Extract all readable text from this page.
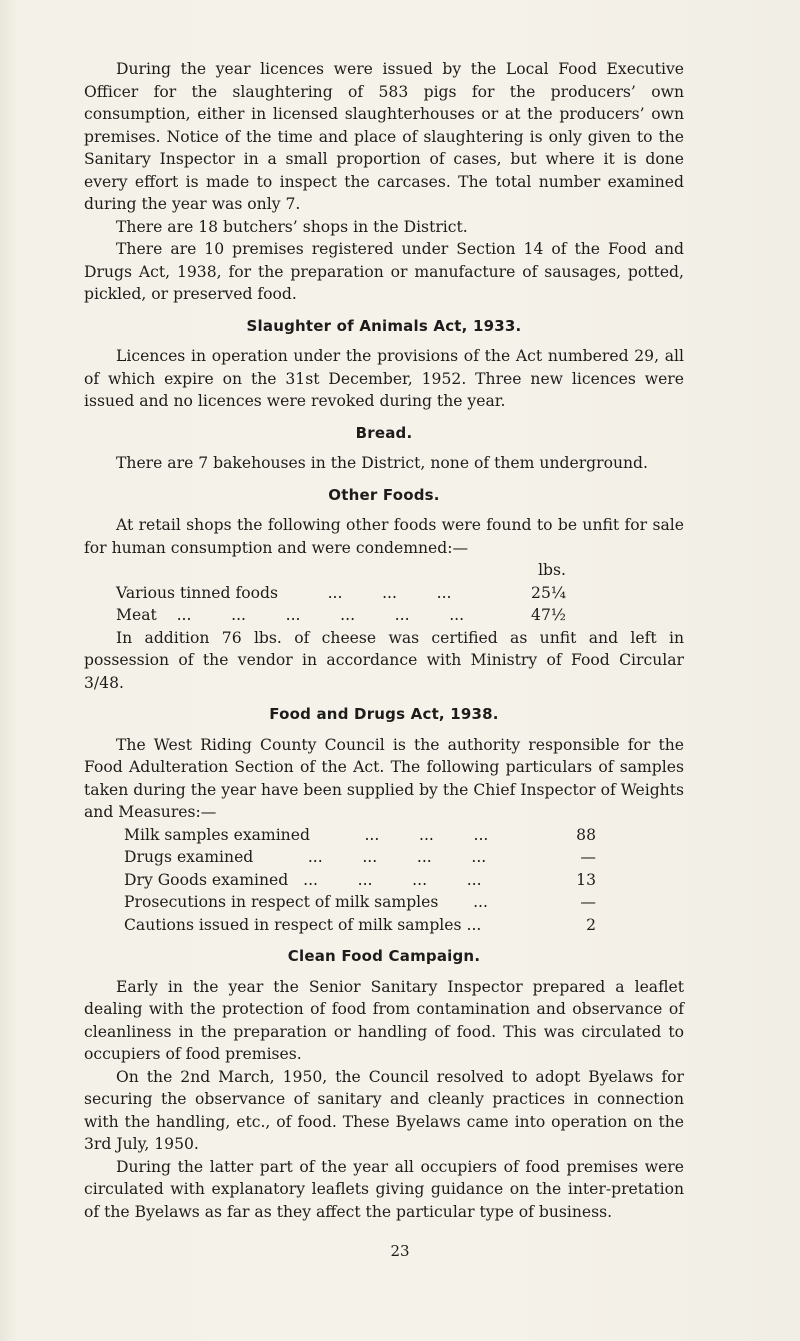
During the year licences were issued by the Local Food Executive Officer for the slaughtering of 583 pigs for the producers’ own consumption, either in licensed slaughterhouses or at the producers’ own premises. Notice of the time and place of slaughtering is only given to the Sanitary Inspector in a small proportion of cases, but where it is done every effort is made to inspect the carcases. The total number examined during the year was only 7.

There are 18 butchers’ shops in the District.

There are 10 premises registered under Section 14 of the Food and Drugs Act, 1938, for the preparation or manufacture of sausages, potted, pickled, or preserved food.

Slaughter of Animals Act, 1933.

Licences in operation under the provisions of the Act numbered 29, all of which expire on the 31st December, 1952. Three new licences were issued and no licences were revoked during the year.

Bread.

There are 7 bakehouses in the District, none of them underground.

Other Foods.

At retail shops the following other foods were found to be unfit for sale for human consumption and were condemned:—

lbs.
Various tinned foods          ...        ...        ...	25¼
Meat    ...        ...        ...        ...        ...        ...	47½

In addition 76 lbs. of cheese was certified as unfit and left in possession of the vendor in accordance with Ministry of Food Circular 3/48.

Food and Drugs Act, 1938.

The West Riding County Council is the authority responsible for the Food Adulteration Section of the Act. The following particulars of samples taken during the year have been supplied by the Chief Inspector of Weights and Measures:—

Milk samples examined           ...        ...        ...	88
Drugs examined           ...        ...        ...        ...	—
Dry Goods examined   ...        ...        ...        ...	13
Prosecutions in respect of milk samples       ...	—
Cautions issued in respect of milk samples ...	2
Clean Food Campaign.

Early in the year the Senior Sanitary Inspector prepared a leaflet dealing with the protection of food from contamination and observance of cleanliness in the preparation or handling of food. This was circulated to occupiers of food premises.

On the 2nd March, 1950, the Council resolved to adopt Byelaws for securing the observance of sanitary and cleanly practices in connection with the handling, etc., of food. These Byelaws came into operation on the 3rd July, 1950.

During the latter part of the year all occupiers of food premises were circulated with explanatory leaflets giving guidance on the inter-pretation of the Byelaws as far as they affect the particular type of business.

23
